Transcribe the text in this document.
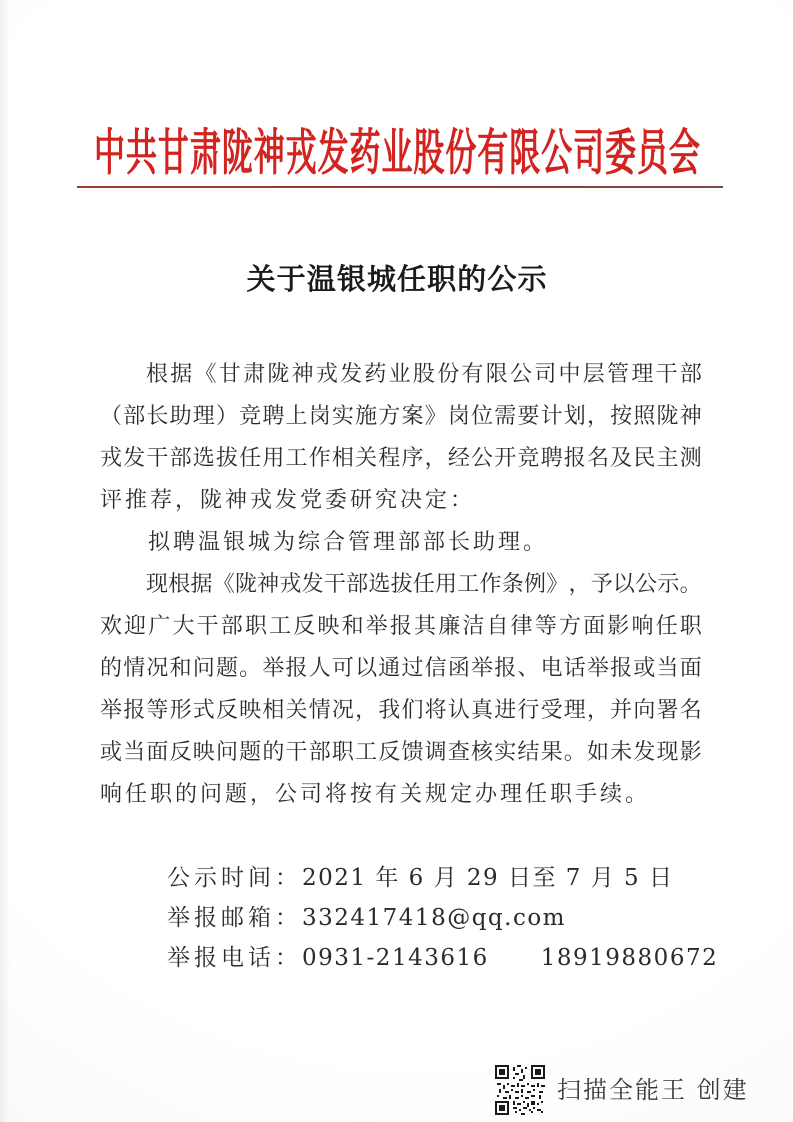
中 共 甘 肃 陇 神 戎 发 药 业 股 份 有 限 公 司 委 员 会
关 于 温 银 城 任 职 的 公 示
根 据 《 甘 肃 陇 神 戎 发 药 业 股 份 有 限 公 司 中 层 管 理 干 部
（ 部 长 助 理 ） 竞 聘 上 岗 实 施 方 案 》 岗 位 需 要 计 划 ， 按 照 陇 神
戎 发 干 部 选 拔 任 用 工 作 相 关 程 序 ， 经 公 开 竞 聘 报 名 及 民 主 测
评推荐，陇神戎发党委研究决定：
拟聘温银城为综合管理部部长助理。
现 根 据 《 陇 神 戎 发 干 部 选 拔 任 用 工 作 条 例 》 ， 予 以 公 示 。
欢 迎 广 大 干 部 职 工 反 映 和 举 报 其 廉 洁 自 律 等 方 面 影 响 任 职
的 情 况 和 问 题 。 举 报 人 可 以 通 过 信 函 举 报 、 电 话 举 报 或 当 面
举 报 等 形 式 反 映 相 关 情 况 ， 我 们 将 认 真 进 行 受 理 ， 并 向 署 名
或 当 面 反 映 问 题 的 干 部 职 工 反 馈 调 查 核 实 结 果 。 如 未 发 现 影
响任职的问题，公司将按有关规定办理任职手续。
公示时间：2021 年 6 月 29 日至 7 月 5 日
举报邮箱：332417418@qq.com
举报电话：0931-2143616 18919880672
扫描全能王 创建
